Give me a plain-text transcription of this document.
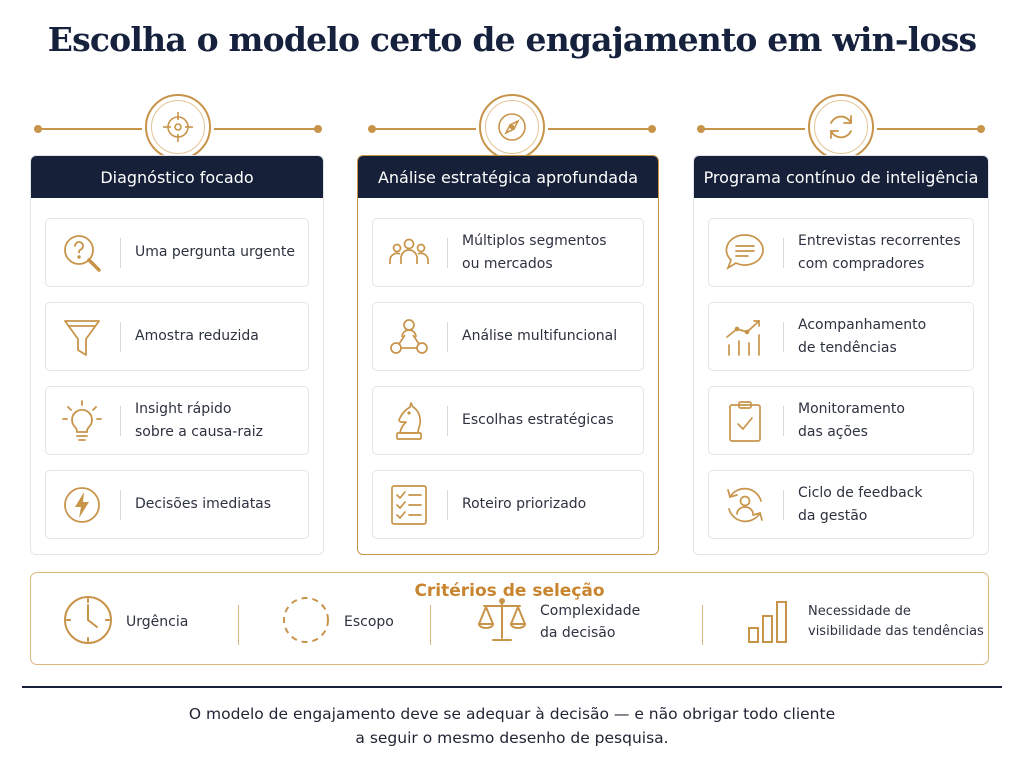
Escolha o modelo certo de engajamento em win-loss
Diagnóstico focado
Uma pergunta urgente
Amostra reduzida
Insight rápido
sobre a causa-raiz
Decisões imediatas
Análise estratégica aprofundada
Múltiplos segmentos
ou mercados
Análise multifuncional
Escolhas estratégicas
Roteiro priorizado
Programa contínuo de inteligência
Entrevistas recorrentes
com compradores
Acompanhamento
de tendências
Monitoramento
das ações
Ciclo de feedback
da gestão
Critérios de seleção
Urgência	Escopo
Complexidade
da decisão
Necessidade de
visibilidade das tendências
O modelo de engajamento deve se adequar à decisão — e não obrigar todo cliente
a seguir o mesmo desenho de pesquisa.
